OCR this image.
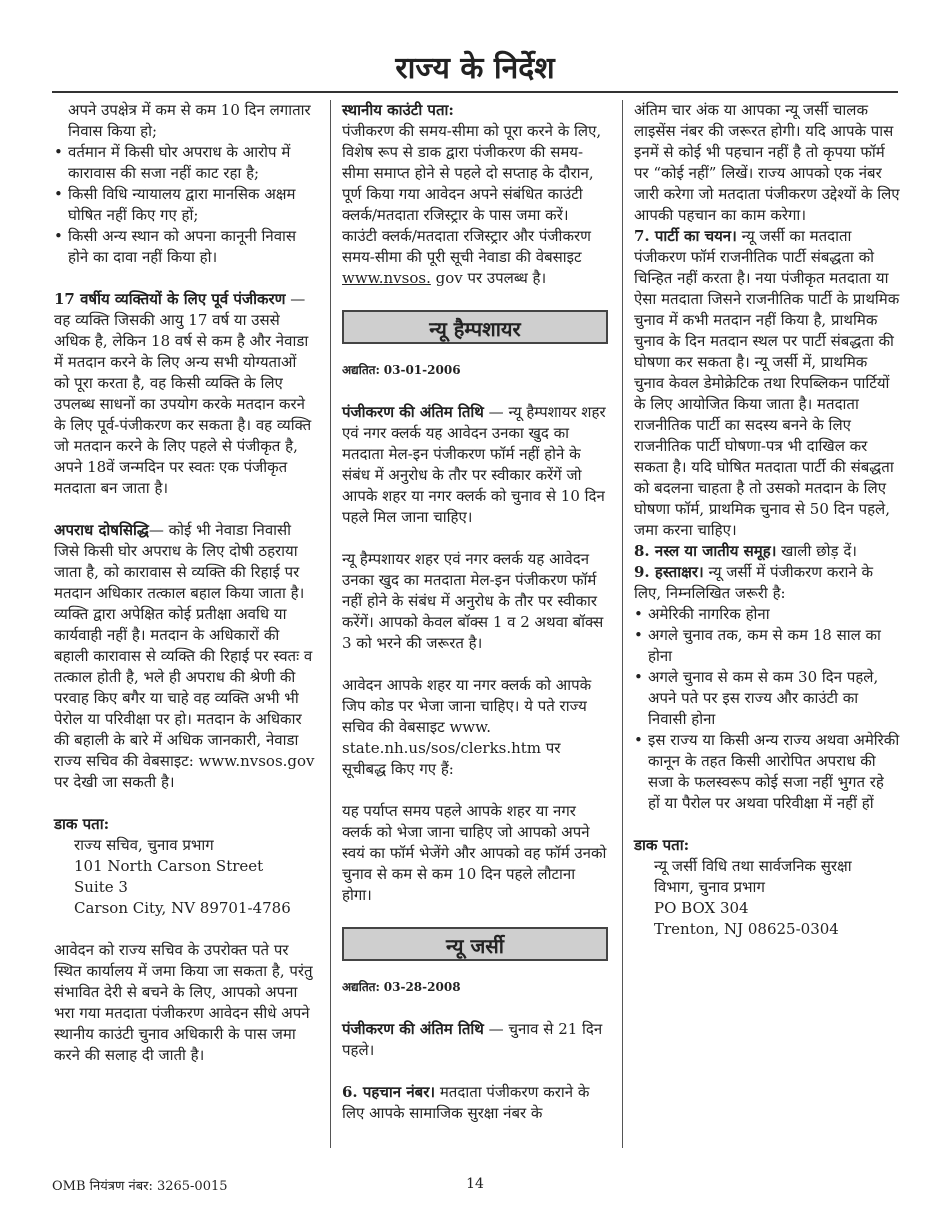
राज्य के निर्देश
अपने उपक्षेत्र में कम से कम 10 दिन लगातार निवास किया हो;
• वर्तमान में किसी घोर अपराध के आरोप में कारावास की सजा नहीं काट रहा है;
• किसी विधि न्यायालय द्वारा मानसिक अक्षम घोषित नहीं किए गए हों;
• किसी अन्य स्थान को अपना कानूनी निवास होने का दावा नहीं किया हो।

17 वर्षीय व्यक्तियों के लिए पूर्व पंजीकरण — वह व्यक्ति जिसकी आयु 17 वर्ष या उससे अधिक है, लेकिन 18 वर्ष से कम है और नेवाडा में मतदान करने के लिए अन्य सभी योग्यताओं को पूरा करता है, वह किसी व्यक्ति के लिए उपलब्ध साधनों का उपयोग करके मतदान करने के लिए पूर्व-पंजीकरण कर सकता है। वह व्यक्ति जो मतदान करने के लिए पहले से पंजीकृत है, अपने 18वें जन्मदिन पर स्वतः एक पंजीकृत मतदाता बन जाता है।

अपराध दोषसिद्धि— कोई भी नेवाडा निवासी जिसे किसी घोर अपराध के लिए दोषी ठहराया जाता है, को कारावास से व्यक्ति की रिहाई पर मतदान अधिकार तत्काल बहाल किया जाता है। व्यक्ति द्वारा अपेक्षित कोई प्रतीक्षा अवधि या कार्यवाही नहीं है। मतदान के अधिकारों की बहाली कारावास से व्यक्ति की रिहाई पर स्वतः व तत्काल होती है, भले ही अपराध की श्रेणी की परवाह किए बगैर या चाहे वह व्यक्ति अभी भी पेरोल या परिवीक्षा पर हो। मतदान के अधिकार की बहाली के बारे में अधिक जानकारी, नेवाडा राज्य सचिव की वेबसाइट: www.nvsos.gov पर देखी जा सकती है।

डाक पता:

राज्य सचिव, चुनाव प्रभाग
101 North Carson Street
Suite 3
Carson City, NV 89701-4786

आवेदन को राज्य सचिव के उपरोक्त पते पर स्थित कार्यालय में जमा किया जा सकता है, परंतु संभावित देरी से बचने के लिए, आपको अपना भरा गया मतदाता पंजीकरण आवेदन सीधे अपने स्थानीय काउंटी चुनाव अधिकारी के पास जमा करने की सलाह दी जाती है।

स्थानीय काउंटी पता:

पंजीकरण की समय-सीमा को पूरा करने के लिए, विशेष रूप से डाक द्वारा पंजीकरण की समय-सीमा समाप्त होने से पहले दो सप्ताह के दौरान, पूर्ण किया गया आवेदन अपने संबंधित काउंटी क्लर्क/मतदाता रजिस्ट्रार के पास जमा करें। काउंटी क्लर्क/मतदाता रजिस्ट्रार और पंजीकरण समय-सीमा की पूरी सूची नेवाडा की वेबसाइट www.nvsos. gov पर उपलब्ध है।

न्यू हैम्पशायर
अद्यतित: 03-01-2006

पंजीकरण की अंतिम तिथि — न्यू हैम्पशायर शहर एवं नगर क्लर्क यह आवेदन उनका खुद का मतदाता मेल-इन पंजीकरण फॉर्म नहीं होने के संबंध में अनुरोध के तौर पर स्वीकार करेंगें जो आपके शहर या नगर क्लर्क को चुनाव से 10 दिन पहले मिल जाना चाहिए।

न्यू हैम्पशायर शहर एवं नगर क्लर्क यह आवेदन उनका खुद का मतदाता मेल-इन पंजीकरण फॉर्म नहीं होने के संबंध में अनुरोध के तौर पर स्वीकार करेंगें। आपको केवल बॉक्स 1 व 2 अथवा बॉक्स 3 को भरने की जरूरत है।

आवेदन आपके शहर या नगर क्लर्क को आपके जिप कोड पर भेजा जाना चाहिए। ये पते राज्य सचिव की वेबसाइट www. state.nh.us/sos/clerks.htm पर सूचीबद्ध किए गए हैं:

यह पर्याप्त समय पहले आपके शहर या नगर क्लर्क को भेजा जाना चाहिए जो आपको अपने स्वयं का फॉर्म भेजेंगे और आपको वह फॉर्म उनको चुनाव से कम से कम 10 दिन पहले लौटाना होगा।

न्यू जर्सी
अद्यतित: 03-28-2008

पंजीकरण की अंतिम तिथि — चुनाव से 21 दिन पहले।

6. पहचान नंबर। मतदाता पंजीकरण कराने के लिए आपके सामाजिक सुरक्षा नंबर के

अंतिम चार अंक या आपका न्यू जर्सी चालक लाइसेंस नंबर की जरूरत होगी। यदि आपके पास इनमें से कोई भी पहचान नहीं है तो कृपया फॉर्म पर “कोई नहीं” लिखें। राज्य आपको एक नंबर जारी करेगा जो मतदाता पंजीकरण उद्देश्यों के लिए आपकी पहचान का काम करेगा।

7. पार्टी का चयन। न्यू जर्सी का मतदाता पंजीकरण फॉर्म राजनीतिक पार्टी संबद्धता को चिन्हित नहीं करता है। नया पंजीकृत मतदाता या ऐसा मतदाता जिसने राजनीतिक पार्टी के प्राथमिक चुनाव में कभी मतदान नहीं किया है, प्राथमिक चुनाव के दिन मतदान स्थल पर पार्टी संबद्धता की घोषणा कर सकता है। न्यू जर्सी में, प्राथमिक चुनाव केवल डेमोक्रेटिक तथा रिपब्लिकन पार्टियों के लिए आयोजित किया जाता है। मतदाता राजनीतिक पार्टी का सदस्य बनने के लिए राजनीतिक पार्टी घोषणा-पत्र भी दाखिल कर सकता है। यदि घोषित मतदाता पार्टी की संबद्धता को बदलना चाहता है तो उसको मतदान के लिए घोषणा फॉर्म, प्राथमिक चुनाव से 50 दिन पहले, जमा करना चाहिए।

8. नस्ल या जातीय समूह। खाली छोड़ दें।

9. हस्ताक्षर। न्यू जर्सी में पंजीकरण कराने के लिए, निम्नलिखित जरूरी है:

• अमेरिकी नागरिक होना
• अगले चुनाव तक, कम से कम 18 साल का होना
• अगले चुनाव से कम से कम 30 दिन पहले, अपने पते पर इस राज्य और काउंटी का निवासी होना
• इस राज्य या किसी अन्य राज्य अथवा अमेरिकी कानून के तहत किसी आरोपित अपराध की सजा के फलस्वरूप कोई सजा नहीं भुगत रहे हों या पैरोल पर अथवा परिवीक्षा में नहीं हों

डाक पता:

न्यू जर्सी विधि तथा सार्वजनिक सुरक्षा
विभाग, चुनाव प्रभाग
PO BOX 304
Trenton, NJ 08625-0304
OMB नियंत्रण नंबर: 3265-0015	14
